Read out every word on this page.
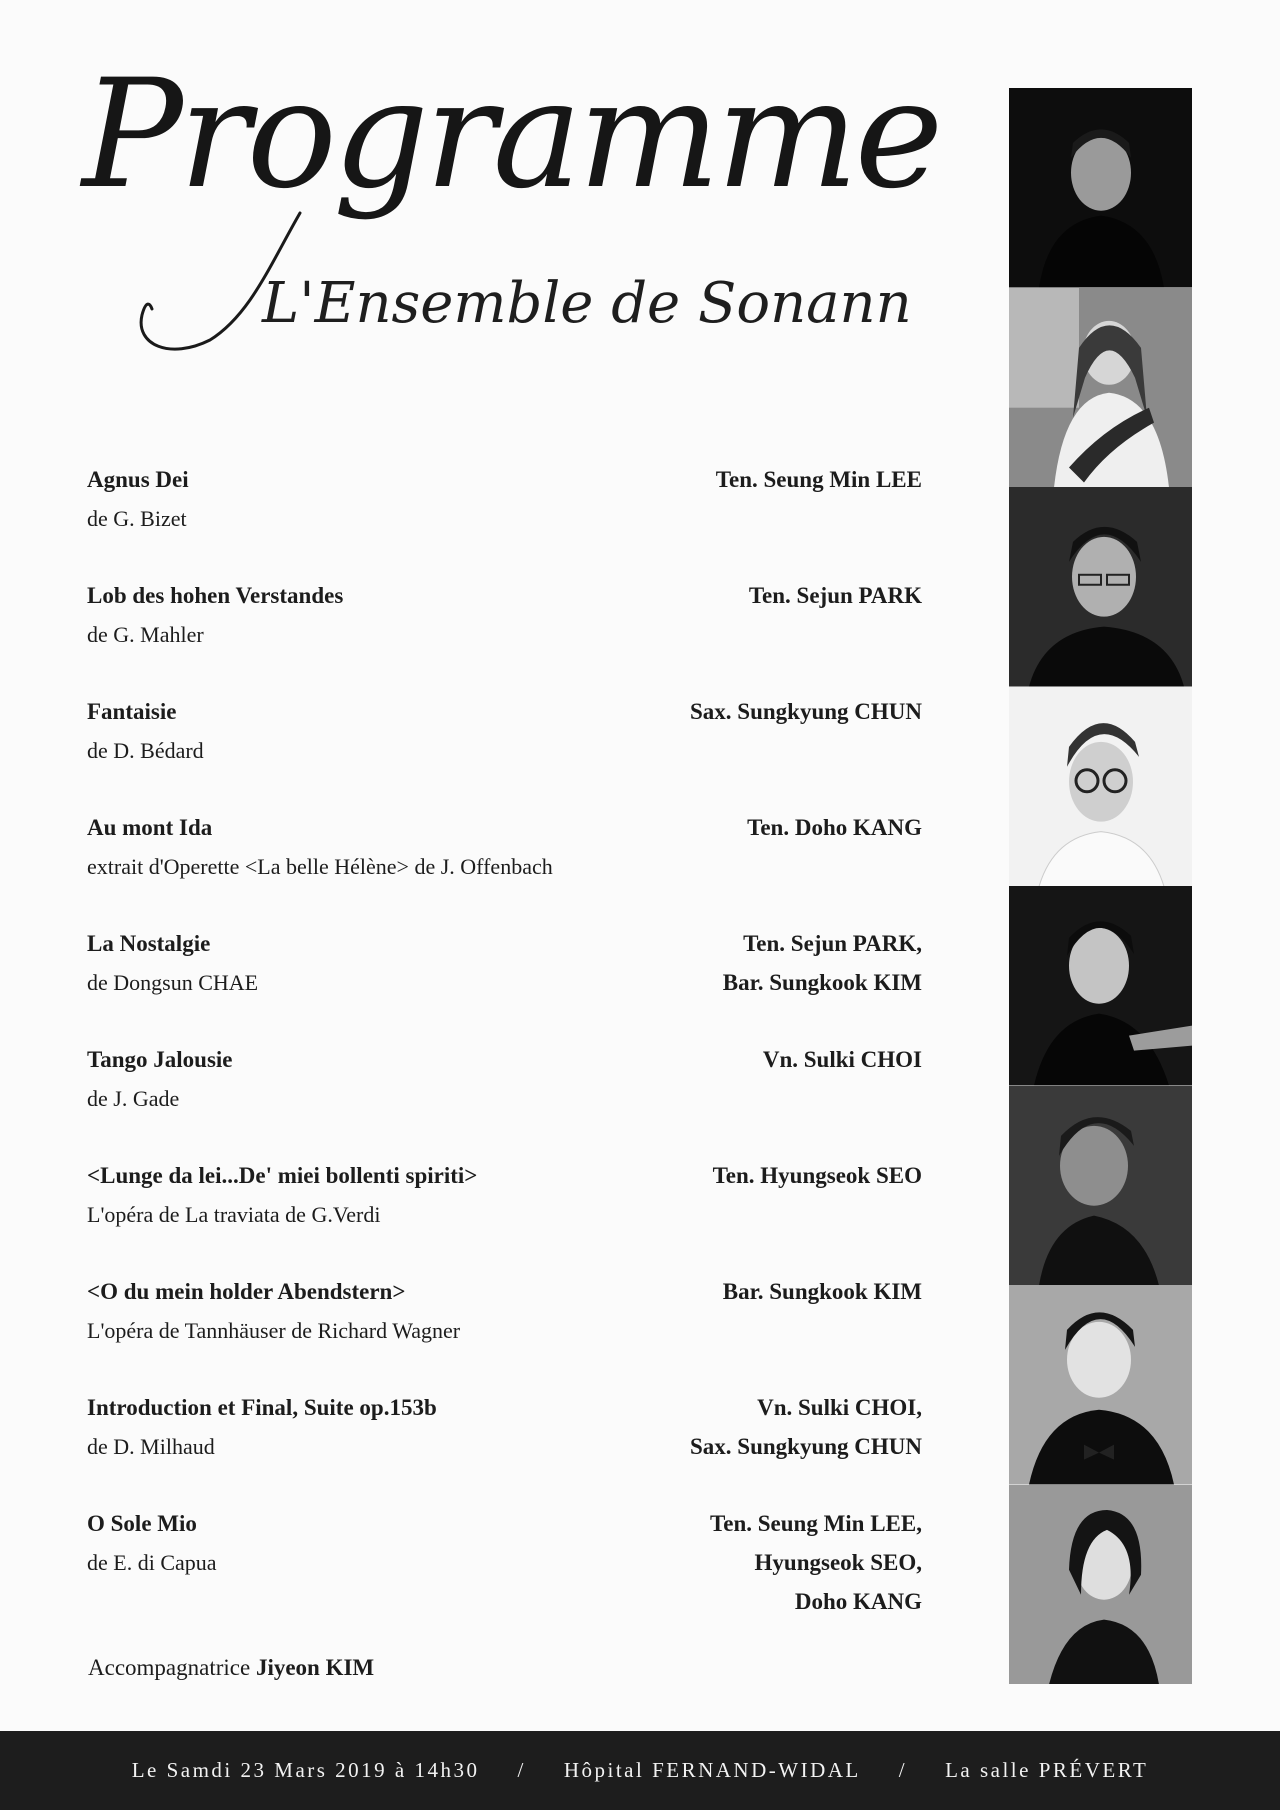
Programme
L'Ensemble de Sonann
Agnus Dei
de G. Bizet
Ten. Seung Min LEE
Lob des hohen Verstandes
de G. Mahler
Ten. Sejun PARK
Fantaisie
de D. Bédard
Sax. Sungkyung CHUN
Au mont Ida
extrait d'Operette <La belle Hélène> de J. Offenbach
Ten. Doho KANG
La Nostalgie
de Dongsun CHAE
Ten. Sejun PARK,
Bar. Sungkook KIM
Tango Jalousie
de J. Gade
Vn. Sulki CHOI
<Lunge da lei...De' miei bollenti spiriti>
L'opéra de La traviata de G.Verdi
Ten. Hyungseok SEO
<O du mein holder Abendstern>
L'opéra de Tannhäuser de Richard Wagner
Bar. Sungkook KIM
Introduction et Final, Suite op.153b
de D. Milhaud
Vn. Sulki CHOI,
Sax. Sungkyung CHUN
O Sole Mio
de E. di Capua
Ten. Seung Min LEE,
Hyungseok SEO,
Doho KANG
Accompagnatrice Jiyeon KIM
Le Samdi 23 Mars 2019 à 14h30 / Hôpital FERNAND-WIDAL / La salle PRÉVERT
